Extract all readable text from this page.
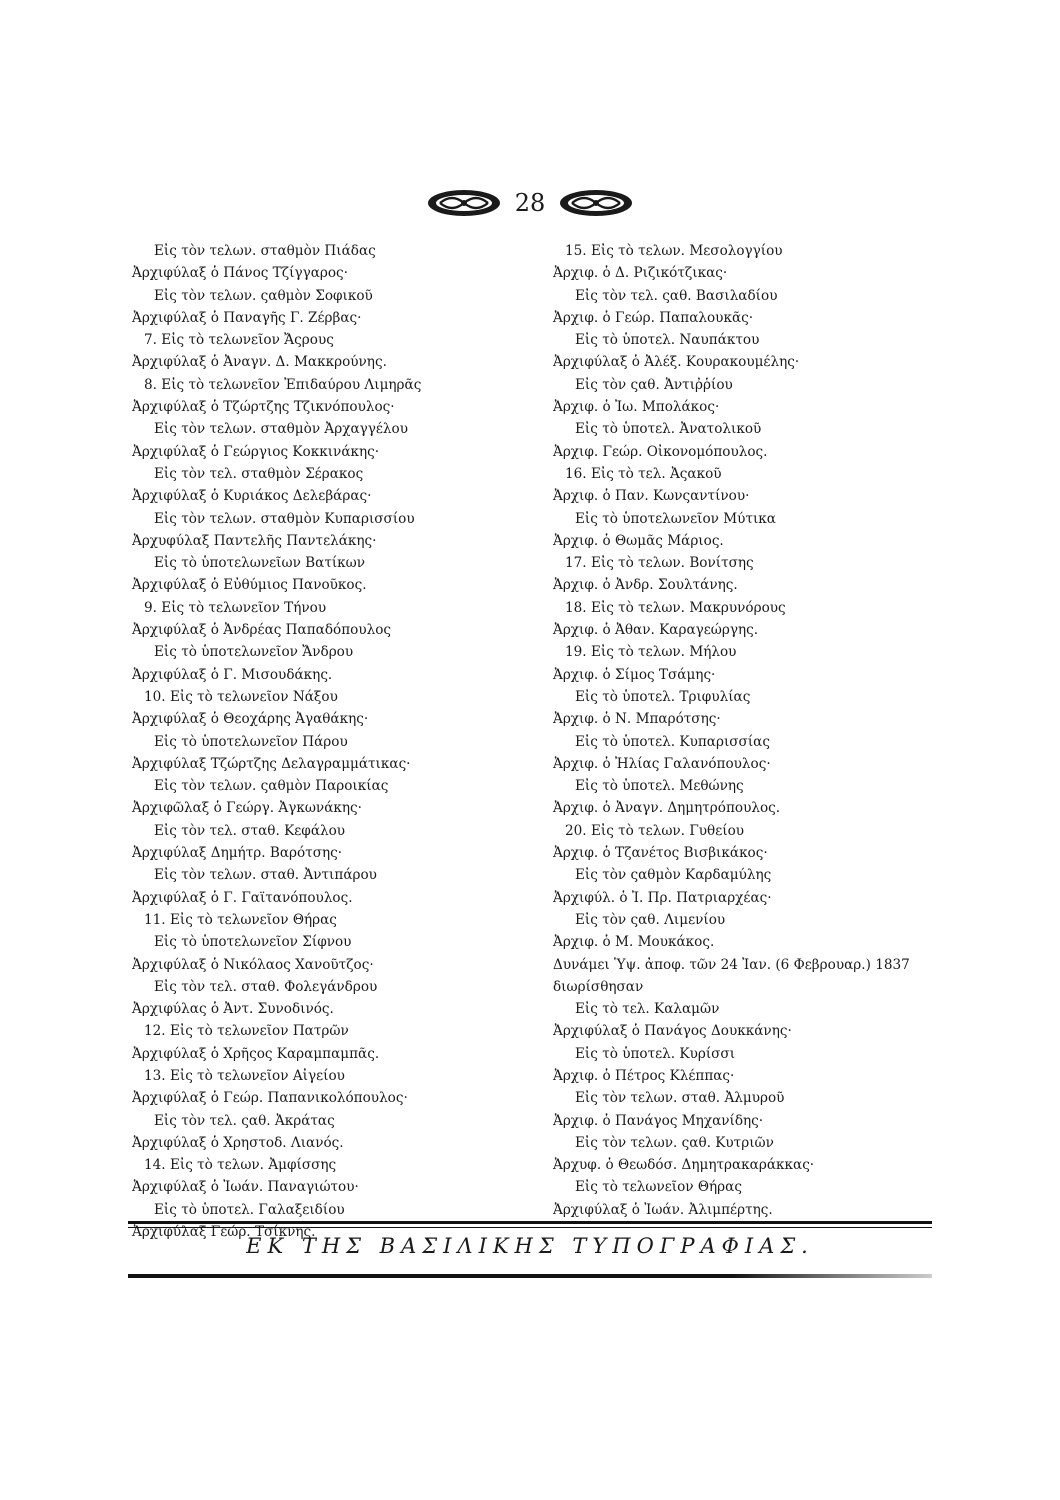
28
Εἰς τὸν τελων. σταθμὸν Πιάδας
Ἀρχιφύλαξ ὁ Πάνος Τζίγγαρος·
Εἰς τὸν τελων. ςαθμὸν Σοφικοῦ
Ἀρχιφύλαξ ὁ Παναγῆς Γ. Ζέρβας·
7. Εἰς τὸ τελωνεῖον Ἄςρους
Ἀρχιφύλαξ ὁ Ἀναγν. Δ. Μακκρούνης.
8. Εἰς τὸ τελωνεῖον Ἐπιδαύρου Λιμηρᾶς
Ἀρχιφύλαξ ὁ Τζώρτζης Τζικνόπουλος·
Εἰς τὸν τελων. σταθμὸν Ἀρχαγγέλου
Ἀρχιφύλαξ ὁ Γεώργιος Κοκκινάκης·
Εἰς τὸν τελ. σταθμὸν Σέρακος
Ἀρχιφύλαξ ὁ Κυριάκος Δελεβάρας·
Εἰς τὸν τελων. σταθμὸν Κυπαρισσίου
Ἀρχυφύλαξ Παντελῆς Παντελάκης·
Εἰς τὸ ὑποτελωνεῖων Βατίκων
Ἀρχιφύλαξ ὁ Εὐθύμιος Πανοῦκος.
9. Εἰς τὸ τελωνεῖον Τήνου
Ἀρχιφύλαξ ὁ Ἀνδρέας Παπαδόπουλος
Εἰς τὸ ὑποτελωνεῖον Ἄνδρου
Ἀρχιφύλαξ ὁ Γ. Μισουδάκης.
10. Εἰς τὸ τελωνεῖον Νάξου
Ἀρχιφύλαξ ὁ Θεοχάρης Ἀγαθάκης·
Εἰς τὸ ὑποτελωνεῖον Πάρου
Ἀρχιφύλαξ Τζώρτζης Δελαγραμμάτικας·
Εἰς τὸν τελων. ςαθμὸν Παροικίας
Ἀρχιφῶλαξ ὁ Γεώργ. Ἀγκωνάκης·
Εἰς τὸν τελ. σταθ. Κεφάλου
Ἀρχιφύλαξ Δημήτρ. Βαρότσης·
Εἰς τὸν τελων. σταθ. Ἀντιπάρου
Ἀρχιφύλαξ ὁ Γ. Γαϊτανόπουλος.
11. Εἰς τὸ τελωνεῖον Θήρας
Εἰς τὸ ὑποτελωνεῖον Σίφνου
Ἀρχιφύλαξ ὁ Νικόλαος Χανοῦτζος·
Εἰς τὸν τελ. σταθ. Φολεγάνδρου
Ἀρχιφύλας ὁ Ἀντ. Συνοδινός.
12. Εἰς τὸ τελωνεῖον Πατρῶν
Ἀρχιφύλαξ ὁ Χρῆςος Καραμπαμπᾶς.
13. Εἰς τὸ τελωνεῖον Αἰγείου
Ἀρχιφύλαξ ὁ Γεώρ. Παπανικολόπουλος·
Εἰς τὸν τελ. ςαθ. Ἀκράτας
Ἀρχιφύλαξ ὁ Χρηστοδ. Λιανός.
14. Εἰς τὸ τελων. Ἀμφίσσης
Ἀρχιφύλαξ ὁ Ἰωάν. Παναγιώτου·
Εἰς τὸ ὑποτελ. Γαλαξειδίου
Ἀρχιφύλαξ Γεώρ. Τσίκνης.
15. Εἰς τὸ τελων. Μεσολογγίου
Ἀρχιφ. ὁ Δ. Ριζικότζικας·
Εἰς τὸν τελ. ςαθ. Βασιλαδίου
Ἀρχιφ. ὁ Γεώρ. Παπαλουκᾶς·
Εἰς τὸ ὑποτελ. Ναυπάκτου
Ἀρχιφύλαξ ὁ Ἀλέξ. Κουρακουμέλης·
Εἰς τὸν ςαθ. Ἀντιῤῥίου
Ἀρχιφ. ὁ Ἰω. Μπολάκος·
Εἰς τὸ ὑποτελ. Ἀνατολικοῦ
Ἀρχιφ. Γεώρ. Οἰκονομόπουλος.
16. Εἰς τὸ τελ. Ἀςακοῦ
Ἀρχιφ. ὁ Παν. Κωνςαντίνου·
Εἰς τὸ ὑποτελωνεῖον Μύτικα
Ἀρχιφ. ὁ Θωμᾶς Μάριος.
17. Εἰς τὸ τελων. Βονίτσης
Ἀρχιφ. ὁ Ἀνδρ. Σουλτάνης.
18. Εἰς τὸ τελων. Μακρυνόρους
Ἀρχιφ. ὁ Ἀθαν. Καραγεώργης.
19. Εἰς τὸ τελων. Μήλου
Ἀρχιφ. ὁ Σίμος Τσάμης·
Εἰς τὸ ὑποτελ. Τριφυλίας
Ἀρχιφ. ὁ Ν. Μπαρότσης·
Εἰς τὸ ὑποτελ. Κυπαρισσίας
Ἀρχιφ. ὁ Ἠλίας Γαλανόπουλος·
Εἰς τὸ ὑποτελ. Μεθώνης
Ἀρχιφ. ὁ Ἀναγν. Δημητρόπουλος.
20. Εἰς τὸ τελων. Γυθείου
Ἀρχιφ. ὁ Τζανέτος Βισβικάκος·
Εἰς τὸν ςαθμὸν Καρδαμύλης
Ἀρχιφύλ. ὁ Ἰ. Πρ. Πατριαρχέας·
Εἰς τὸν ςαθ. Λιμενίου
Ἀρχιφ. ὁ Μ. Μουκάκος.
Δυνάμει Ὑψ. ἀποφ. τῶν 24 Ἰαν. (6 Φεβρουαρ.) 1837 διωρίσθησαν
Εἰς τὸ τελ. Καλαμῶν
Ἀρχιφύλαξ ὁ Πανάγος Δουκκάνης·
Εἰς τὸ ὑποτελ. Κυρίσσι
Ἀρχιφ. ὁ Πέτρος Κλέππας·
Εἰς τὸν τελων. σταθ. Ἀλμυροῦ
Ἀρχιφ. ὁ Πανάγος Μηχανίδης·
Εἰς τὸν τελων. ςαθ. Κυτριῶν
Ἀρχυφ. ὁ Θεωδόσ. Δημητρακαράκκας·
Εἰς τὸ τελωνεῖον Θήρας
Ἀρχιφύλαξ ὁ Ἰωάν. Ἀλιμπέρτης.
ΕΚ ΤΗΣ ΒΑΣΙΛΙΚΗΣ ΤΥΠΟΓΡΑΦΙΑΣ.
